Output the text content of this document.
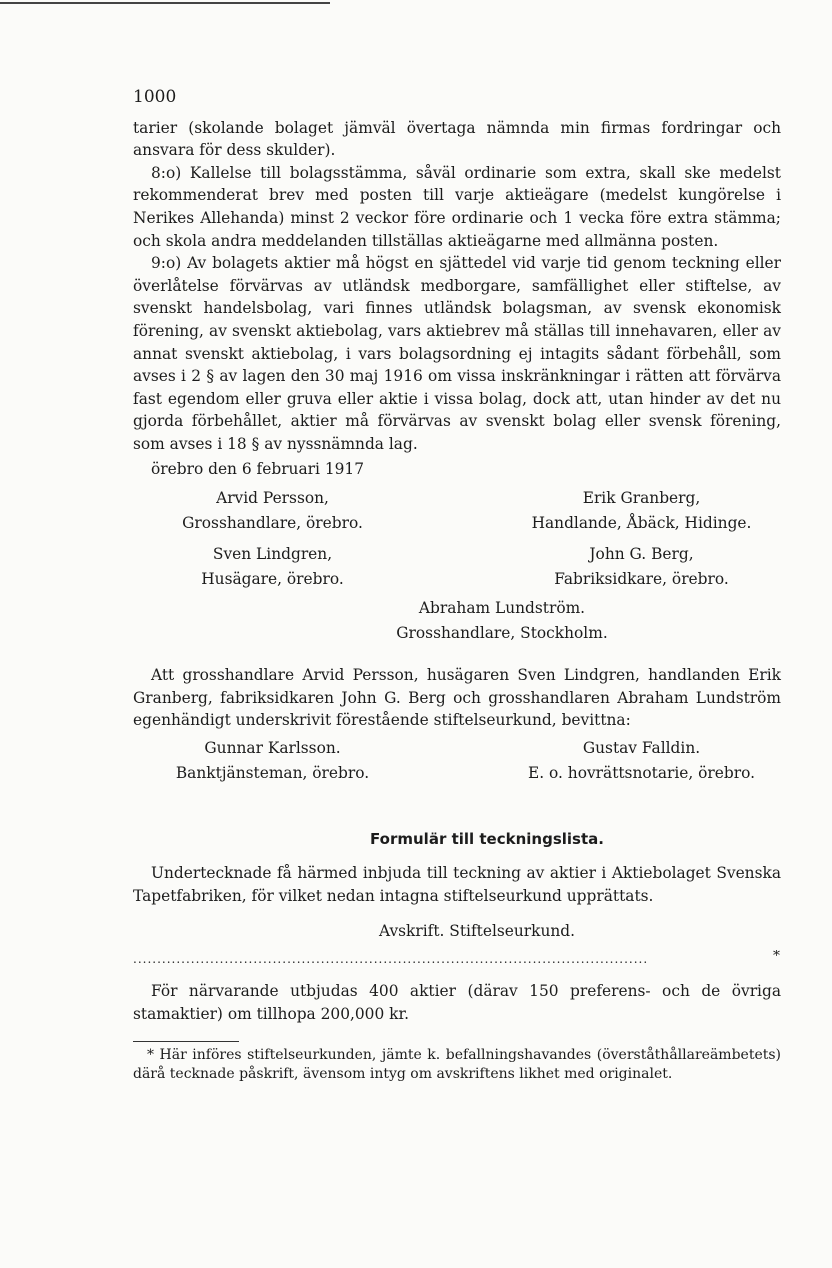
1000

tarier (skolande bolaget jämväl övertaga nämnda min firmas fordringar och ansvara för dess skulder).

8:o) Kallelse till bolagsstämma, såväl ordinarie som extra, skall ske medelst rekommenderat brev med posten till varje aktieägare (medelst kungörelse i Nerikes Allehanda) minst 2 veckor före ordinarie och 1 vecka före extra stämma; och skola andra meddelanden tillställas aktieägarne med allmänna posten.

9:o) Av bolagets aktier må högst en sjättedel vid varje tid genom teckning eller överlåtelse förvärvas av utländsk medborgare, samfällighet eller stiftelse, av svenskt handelsbolag, vari finnes utländsk bolagsman, av svensk ekonomisk förening, av svenskt aktiebolag, vars aktiebrev må ställas till innehavaren, eller av annat svenskt aktiebolag, i vars bolagsordning ej intagits sådant förbehåll, som avses i 2 § av lagen den 30 maj 1916 om vissa inskränkningar i rätten att förvärva fast egendom eller gruva eller aktie i vissa bolag, dock att, utan hinder av det nu gjorda förbehållet, aktier må förvärvas av svenskt bolag eller svensk förening, som avses i 18 § av nyssnämnda lag.

örebro den 6 februari 1917

Arvid Persson,
Grosshandlare, örebro.
Erik Granberg,
Handlande, Åbäck, Hidinge.
Sven Lindgren,
Husägare, örebro.
John G. Berg,
Fabriksidkare, örebro.
Abraham Lundström.
Grosshandlare, Stockholm.

Att grosshandlare Arvid Persson, husägaren Sven Lindgren, handlanden Erik Granberg, fabriksidkaren John G. Berg och grosshandlaren Abraham Lundström egenhändigt underskrivit förestående stiftelseurkund, bevittna:

Gunnar Karlsson.
Banktjänsteman, örebro.
Gustav Falldin.
E. o. hovrättsnotarie, örebro.
Formulär till teckningslista.

Undertecknade få härmed inbjuda till teckning av aktier i Aktiebolaget Svenska Tapetfabriken, för vilket nedan intagna stiftelseurkund upprättats.

Avskrift. Stiftelseurkund.
...........................................................................................................	*

För närvarande utbjudas 400 aktier (därav 150 preferens- och de övriga stamaktier) om tillhopa 200,000 kr.

* Här införes stiftelseurkunden, jämte k. befallningshavandes (överståthållareämbetets) därå tecknade påskrift, ävensom intyg om avskriftens likhet med originalet.
